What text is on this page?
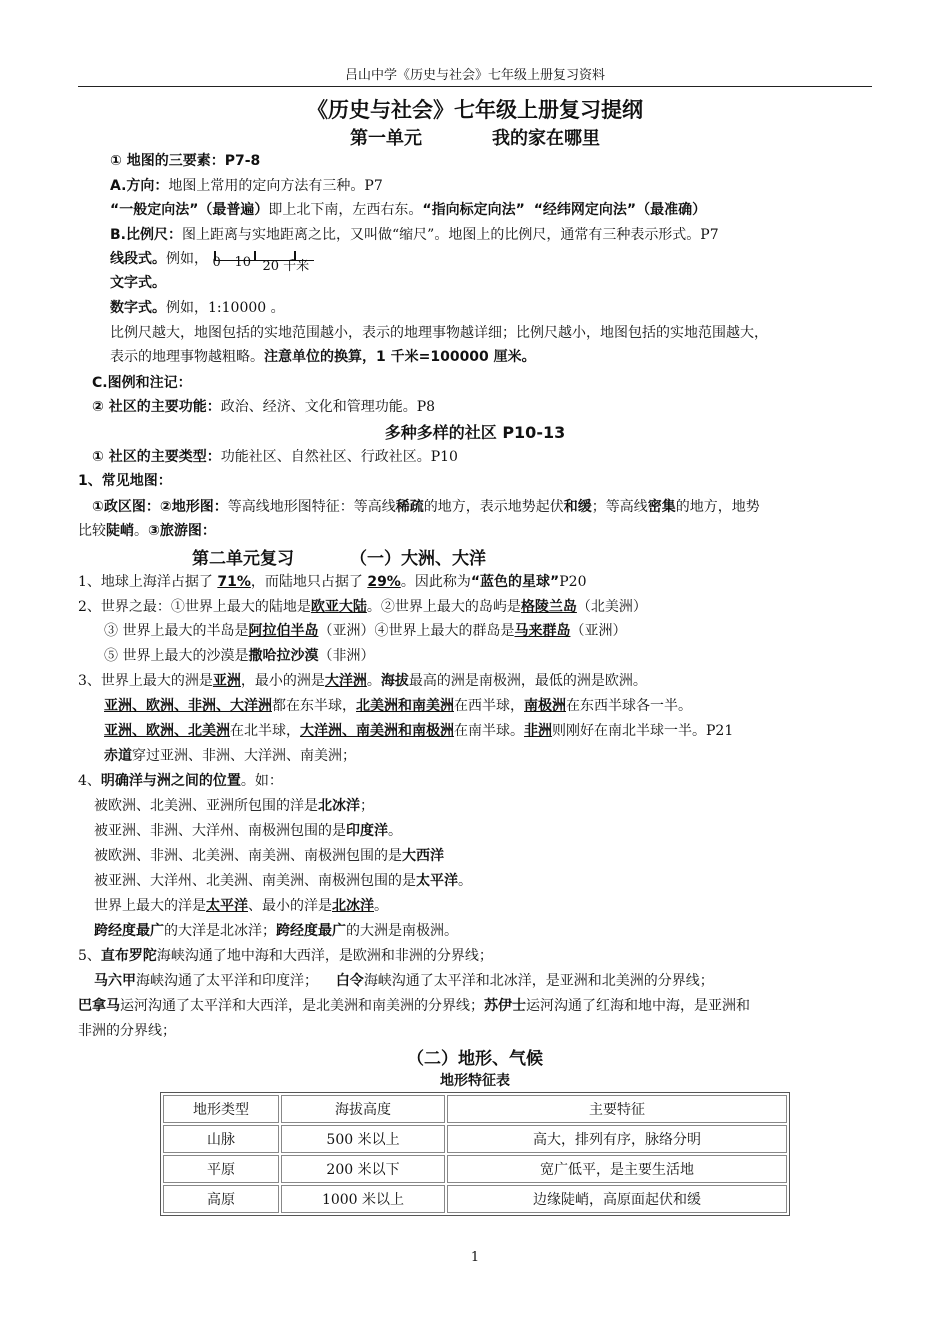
吕山中学《历史与社会》七年级上册复习资料
《历史与社会》七年级上册复习提纲
第一单元	我的家在哪里
① 地图的三要素：P7-8
A.方向：地图上常用的定向方法有三种。P7
“一般定向法”（最普遍）即上北下南，左西右东。“指向标定向法” “经纬网定向法”（最准确）
B.比例尺：图上距离与实地距离之比，又叫做“缩尺”。地图上的比例尺，通常有三种表示形式。P7
线段式。例如， 0 10 20 千米
文字式。
数字式。例如，1:10000 。
比例尺越大，地图包括的实地范围越小，表示的地理事物越详细；比例尺越小，地图包括的实地范围越大，
表示的地理事物越粗略。注意单位的换算，1 千米=100000 厘米。
C.图例和注记：
② 社区的主要功能：政治、经济、文化和管理功能。P8
多种多样的社区 P10-13
① 社区的主要类型：功能社区、自然社区、行政社区。P10
1、常见地图：
①政区图：②地形图：等高线地形图特征：等高线稀疏的地方，表示地势起伏和缓；等高线密集的地方，地势
比较陡峭。③旅游图：
第二单元复习	（一）大洲、大洋
1、地球上海洋占据了 71%，而陆地只占据了 29%。因此称为“蓝色的星球”P20
2、世界之最：①世界上最大的陆地是欧亚大陆。②世界上最大的岛屿是格陵兰岛（北美洲）
③ 世界上最大的半岛是阿拉伯半岛（亚洲）④世界上最大的群岛是马来群岛（亚洲）
⑤ 世界上最大的沙漠是撒哈拉沙漠（非洲）
3、世界上最大的洲是亚洲，最小的洲是大洋洲。海拔最高的洲是南极洲，最低的洲是欧洲。
亚洲、欧洲、非洲、大洋洲都在东半球，北美洲和南美洲在西半球，南极洲在东西半球各一半。
亚洲、欧洲、北美洲在北半球，大洋洲、南美洲和南极洲在南半球。非洲则刚好在南北半球一半。P21
赤道穿过亚洲、非洲、大洋洲、南美洲；
4、明确洋与洲之间的位置。如：
被欧洲、北美洲、亚洲所包围的洋是北冰洋；
被亚洲、非洲、大洋州、南极洲包围的是印度洋。
被欧洲、非洲、北美洲、南美洲、南极洲包围的是大西洋
被亚洲、大洋州、北美洲、南美洲、南极洲包围的是太平洋。
世界上最大的洋是太平洋、最小的洋是北冰洋。
跨经度最广的大洋是北冰洋；跨经度最广的大洲是南极洲。
5、直布罗陀海峡沟通了地中海和大西洋，是欧洲和非洲的分界线；
马六甲海峡沟通了太平洋和印度洋； 白令海峡沟通了太平洋和北冰洋，是亚洲和北美洲的分界线；
巴拿马运河沟通了太平洋和大西洋，是北美洲和南美洲的分界线；苏伊士运河沟通了红海和地中海，是亚洲和
非洲的分界线；
（二）地形、气候
地形特征表
地形类型	海拔高度	主要特征
山脉	500 米以上	高大，排列有序，脉络分明
平原	200 米以下	宽广低平，是主要生活地
高原	1000 米以上	边缘陡峭，高原面起伏和缓
1
